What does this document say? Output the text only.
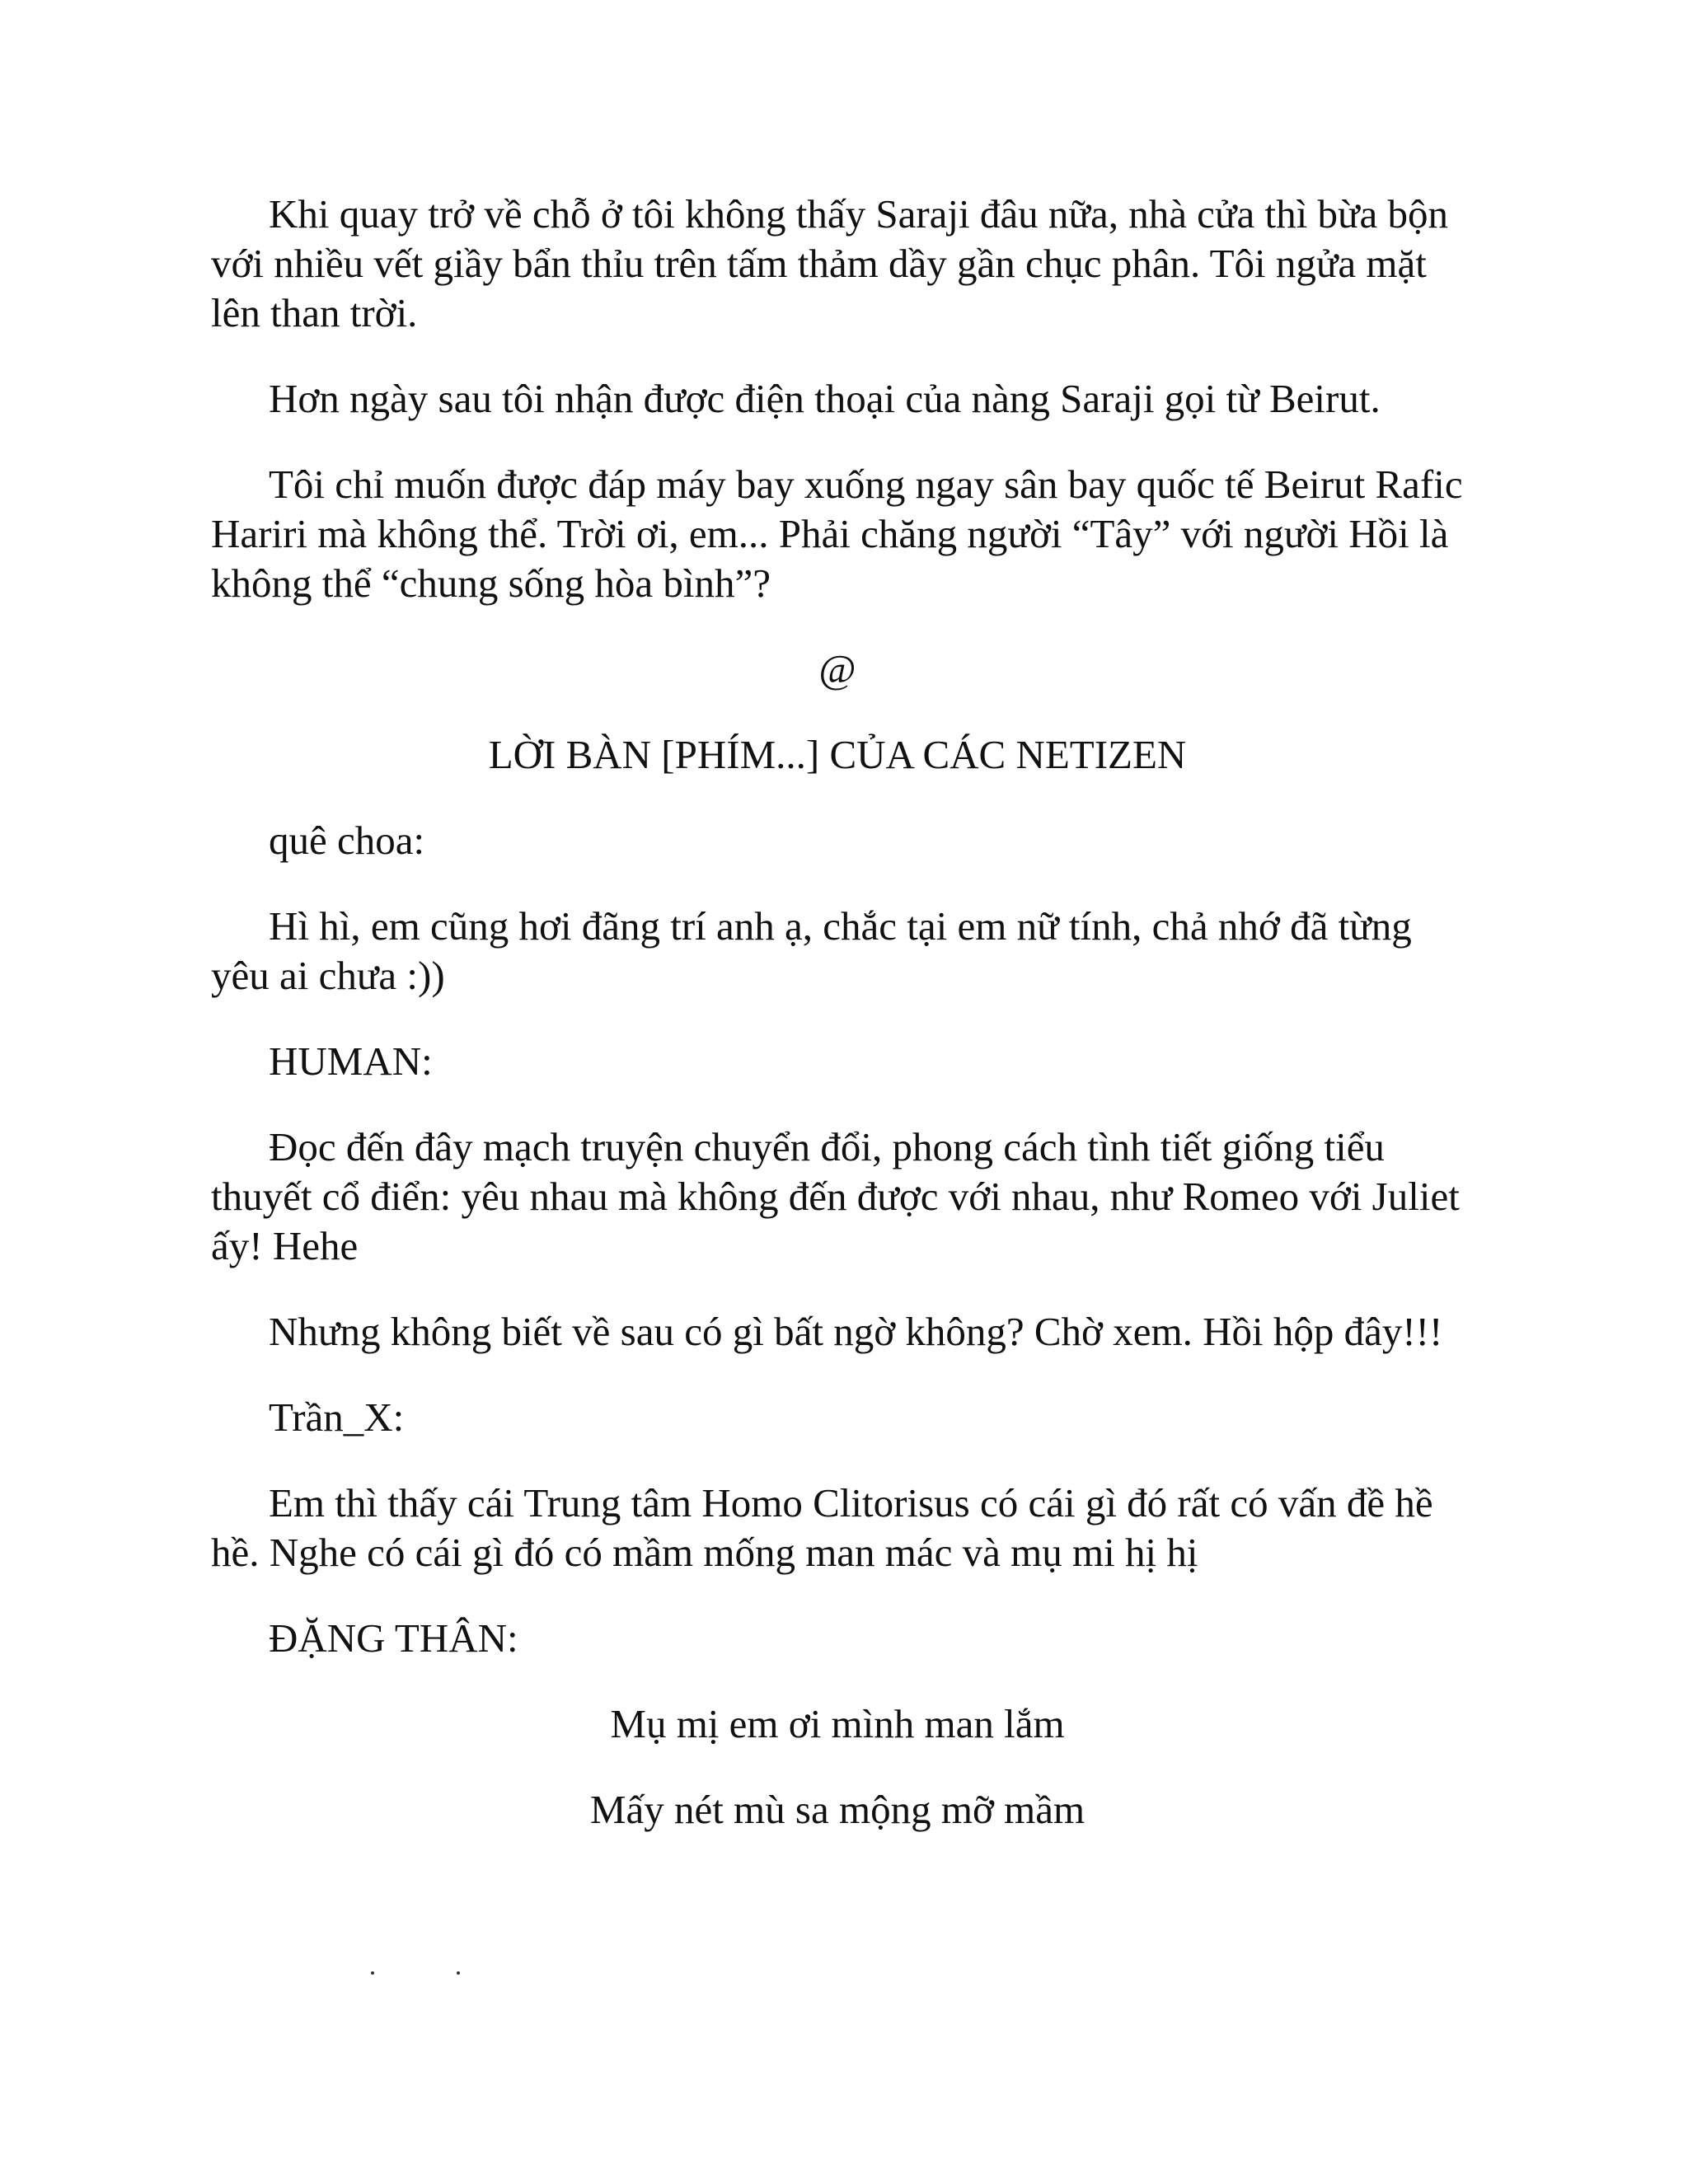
Khi quay trở về chỗ ở tôi không thấy Saraji đâu nữa, nhà cửa thì bừa bộn với nhiều vết giầy bẩn thỉu trên tấm thảm dầy gần chục phân. Tôi ngửa mặt lên than trời.

Hơn ngày sau tôi nhận được điện thoại của nàng Saraji gọi từ Beirut.

Tôi chỉ muốn được đáp máy bay xuống ngay sân bay quốc tế Beirut Rafic Hariri mà không thể. Trời ơi, em... Phải chăng người “Tây” với người Hồi là không thể “chung sống hòa bình”?

@

LỜI BÀN [PHÍM...] CỦA CÁC NETIZEN

quê choa:

Hì hì, em cũng hơi đãng trí anh ạ, chắc tại em nữ tính, chả nhớ đã từng yêu ai chưa :))

HUMAN:

Đọc đến đây mạch truyện chuyển đổi, phong cách tình tiết giống tiểu thuyết cổ điển: yêu nhau mà không đến được với nhau, như Romeo với Juliet ấy! Hehe

Nhưng không biết về sau có gì bất ngờ không? Chờ xem. Hồi hộp đây!!!

Trần_X:

Em thì thấy cái Trung tâm Homo Clitorisus có cái gì đó rất có vấn đề hề hề. Nghe có cái gì đó có mầm mống man mác và mụ mi hị hị

ĐẶNG THÂN:

Mụ mị em ơi mình man lắm

Mấy nét mù sa mộng mỡ mầm
